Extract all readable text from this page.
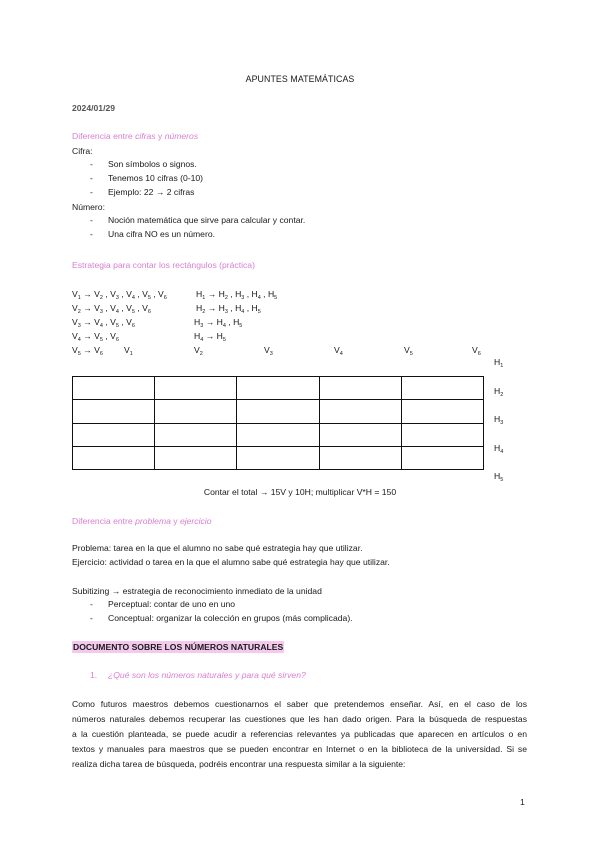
APUNTES MATEMÁTICAS
2024/01/29
Diferencia entre cifras y números
Cifra:
- Son símbolos o signos.
- Tenemos 10 cifras (0-10)
- Ejemplo: 22 → 2 cifras
Número:
- Noción matemática que sirve para calcular y contar.
- Una cifra NO es un número.
Estrategia para contar los rectángulos (práctica)
$V_1 \to V_2$ , $V_3$ , $V_4$ , $V_5$ , $V_6$
$V_2 \to V_3$ , $V_4$ , $V_5$ , $V_6$
$V_3 \to V_4$ , $V_5$ , $V_6$
$V_4 \to V_5$ , $V_6$
$V_5 \to V_6$
$H_1 \to H_2$ , $H_3$ , $H_4$ , $H_5$
$H_2 \to H_3$ , $H_4$ , $H_5$
$H_3 \to H_4$ , $H_5$
$H_4 \to H_5$
$V_1$	$V_2$	$V_3$	$V_4$	$V_5$	$V_6$
$H_1$
$H_2$
$H_3$
$H_4$
$H_5$

Contar el total → 15V y 10H; multiplicar V*H = 150
Diferencia entre problema y ejercicio
Problema: tarea en la que el alumno no sabe qué estrategia hay que utilizar.
Ejercicio: actividad o tarea en la que el alumno sabe qué estrategia hay que utilizar.
Subitizing → estrategia de reconocimiento inmediato de la unidad
- Perceptual: contar de uno en uno
- Conceptual: organizar la colección en grupos (más complicada).
DOCUMENTO SOBRE LOS NÚMEROS NATURALES
1. ¿Qué son los números naturales y para qué sirven?
Como futuros maestros debemos cuestionarnos el saber que pretendemos enseñar. Así, en el caso de los
números naturales debemos recuperar las cuestiones que les han dado origen. Para la búsqueda de respuestas
a la cuestión planteada, se puede acudir a referencias relevantes ya publicadas que aparecen en artículos o en
textos y manuales para maestros que se pueden encontrar en Internet o en la biblioteca de la universidad. Si se
realiza dicha tarea de búsqueda, podréis encontrar una respuesta similar a la siguiente:
1
